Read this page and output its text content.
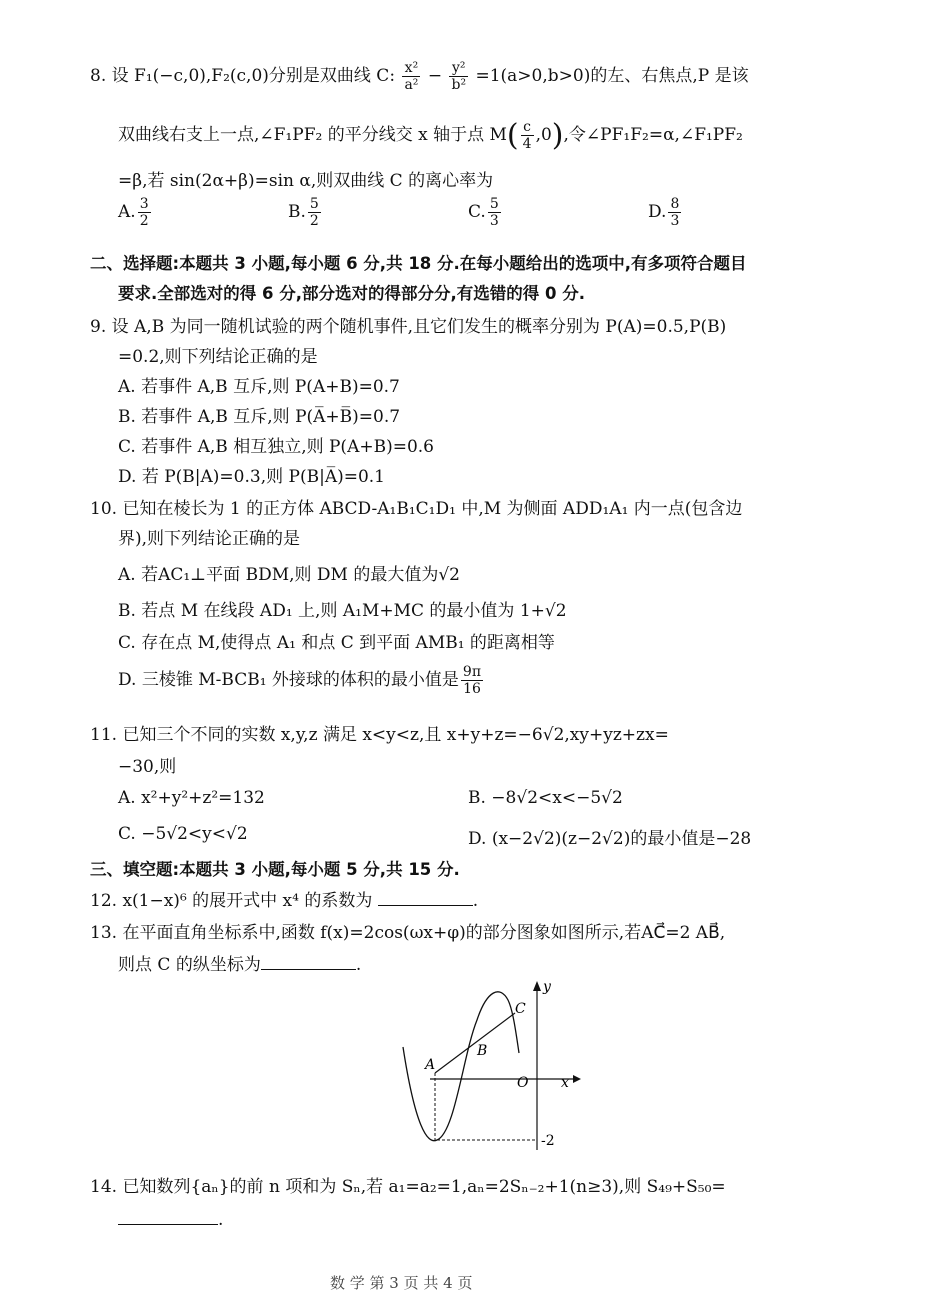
8. 设 F₁(−c,0),F₂(c,0)分别是双曲线 C: $\frac{\text{x²}}{\text{a²}} - \frac{\text{y²}}{\text{b²}} =1(a>0,b>0)$的左、右焦点,P 是该
双曲线右支上一点,∠F₁PF₂ 的平分线交 x 轴于点 $M( \frac{c}{4} ,0)$,令∠PF₁F₂=α,∠F₁PF₂
=β,若 sin(2α+β)=sin α,则双曲线 C 的离心率为
A. $\frac{3}{2}$	B. $\frac{5}{2}$	C. $\frac{5}{3}$	D. $\frac{8}{3}$
二、选择题:本题共 3 小题,每小题 6 分,共 18 分.在每小题给出的选项中,有多项符合题目
要求.全部选对的得 6 分,部分选对的得部分分,有选错的得 0 分.
9. 设 A,B 为同一随机试验的两个随机事件,且它们发生的概率分别为 P(A)=0.5,P(B)
=0.2,则下列结论正确的是
A. 若事件 A,B 互斥,则 P(A+B)=0.7
B. 若事件 A,B 互斥,则 P(A̅+B̅)=0.7
C. 若事件 A,B 相互独立,则 P(A+B)=0.6
D. 若 P(B|A)=0.3,则 P(B|A̅)=0.1
10. 已知在棱长为 1 的正方体 ABCD-A₁B₁C₁D₁ 中,M 为侧面 ADD₁A₁ 内一点(包含边
界),则下列结论正确的是
A. 若AC₁⊥平面 BDM,则 DM 的最大值为√2
B. 若点 M 在线段 AD₁ 上,则 A₁M+MC 的最小值为 1+√2
C. 存在点 M,使得点 A₁ 和点 C 到平面 AMB₁ 的距离相等
D. 三棱锥 M-BCB₁ 外接球的体积的最小值是 $\frac{9\pi}{16}$
11. 已知三个不同的实数 x,y,z 满足 x<y<z,且 x+y+z=−6√2,xy+yz+zx=
−30,则
A. x²+y²+z²=132	B. −8√2<x<−5√2
C. −5√2<y<√2	D. (x−2√2)(z−2√2)的最小值是−28
三、填空题:本题共 3 小题,每小题 5 分,共 15 分.
12. x(1−x)⁶ 的展开式中 x⁴ 的系数为	.
13. 在平面直角坐标系中,函数 f(x)=2cos(ωx+φ)的部分图象如图所示,若AC⃗=2 AB⃗,
则点 C 的纵坐标为	.
A
B
C
O x
y
-2
14. 已知数列{aₙ}的前 n 项和为 Sₙ,若 a₁=a₂=1,aₙ=2Sₙ₋₂+1(n≥3),则 S₄₉+S₅₀=
.
数 学 第 3 页 共 4 页
